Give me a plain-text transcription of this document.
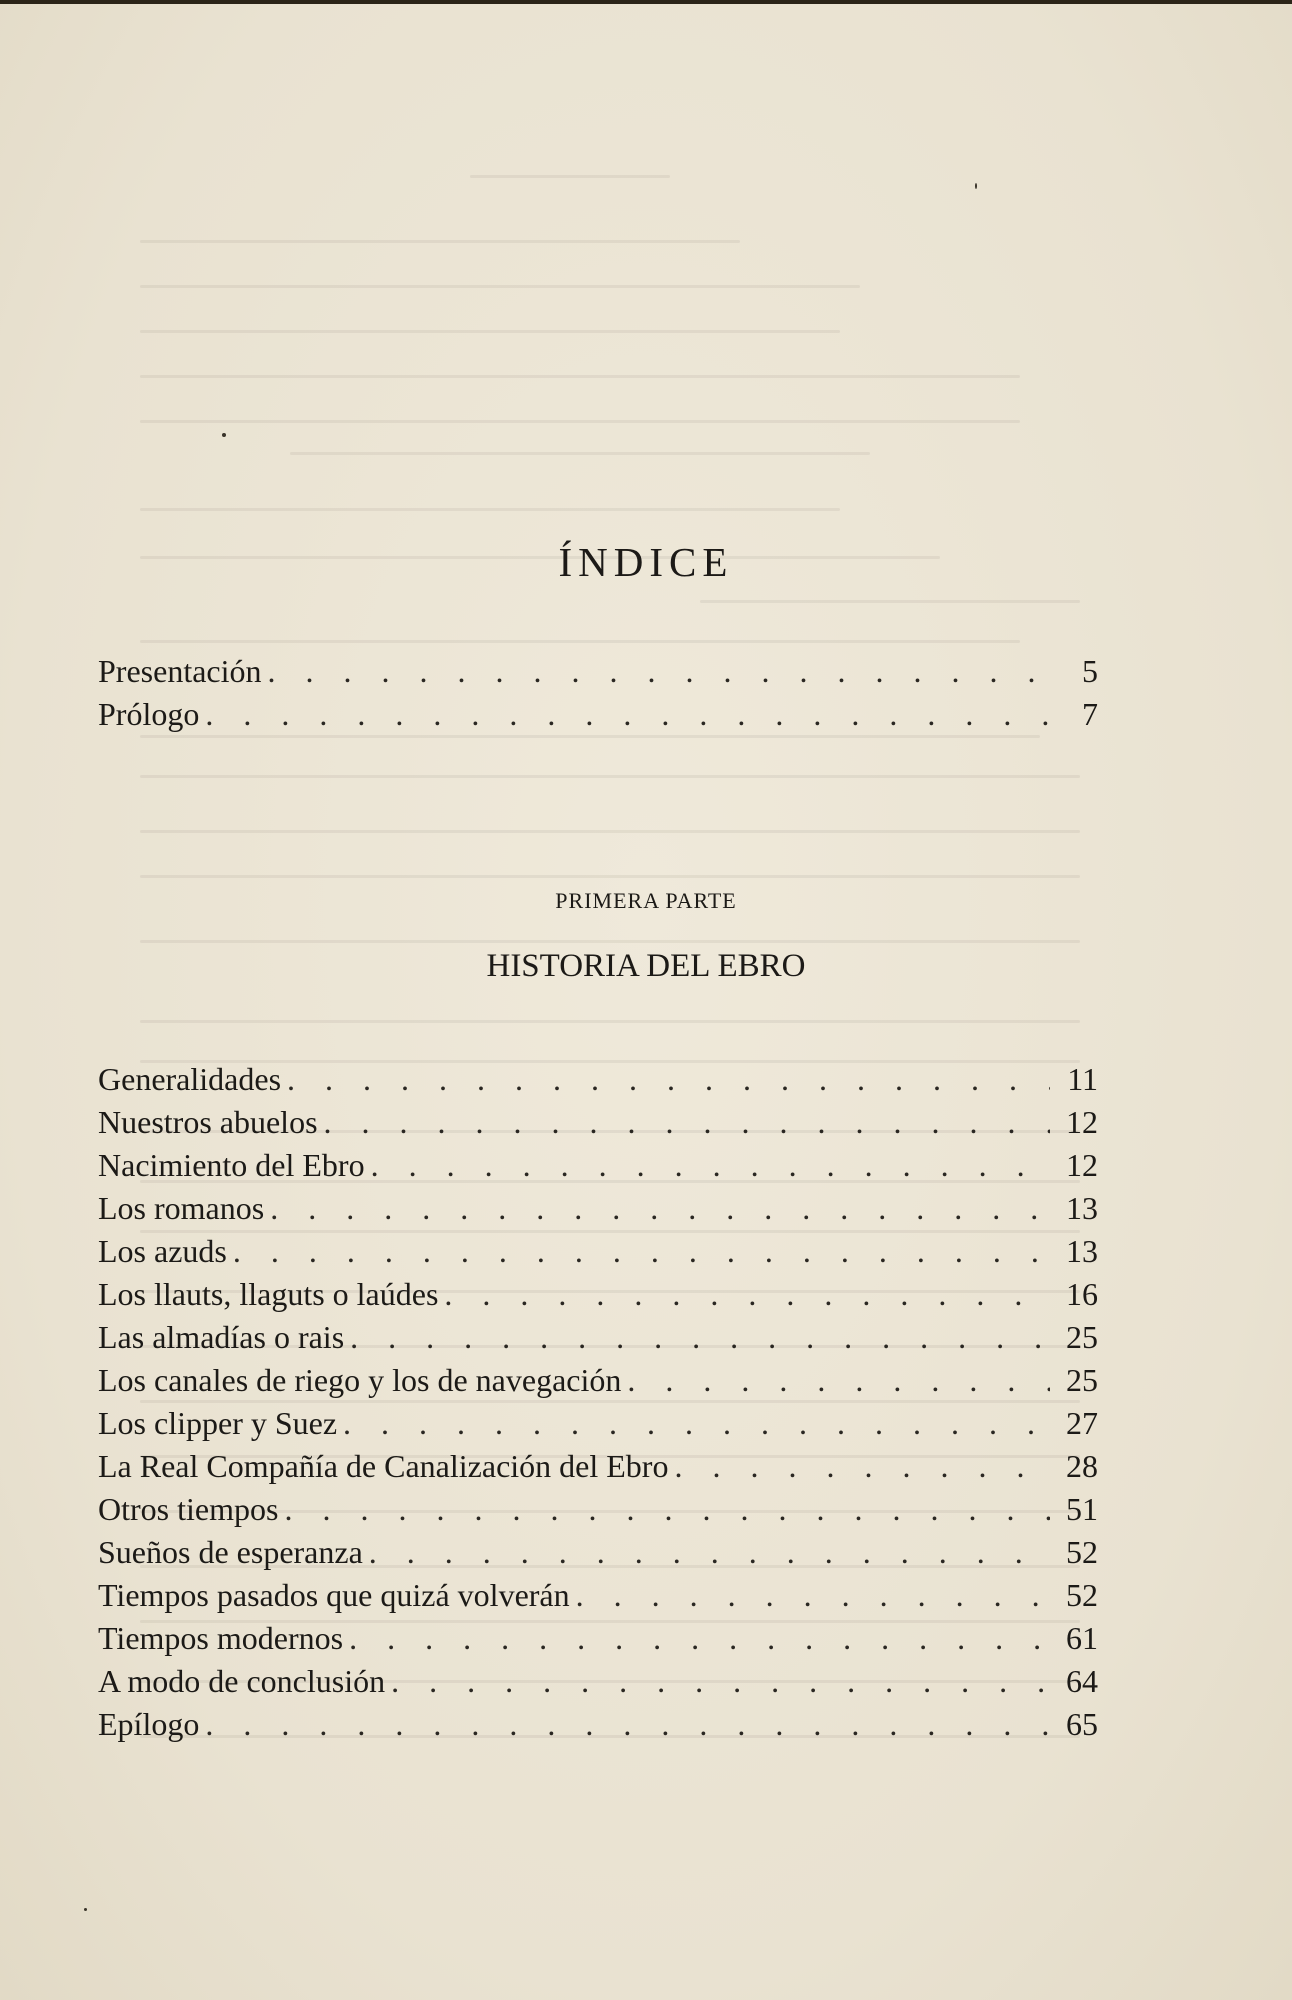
ÍNDICE
Presentación . . .	5
Prólogo . . .	7

PRIMERA PARTE

HISTORIA DEL EBRO
Generalidades . . .	11
Nuestros abuelos . . .	12
Nacimiento del Ebro . . .	12
Los romanos . . .	13
Los azuds . . .	13
Los llauts, llaguts o laúdes . . .	16
Las almadías o rais . . .	25
Los canales de riego y los de navegación . . .	25
Los clipper y Suez . . .	27
La Real Compañía de Canalización del Ebro . . .	28
Otros tiempos . . .	51
Sueños de esperanza . . .	52
Tiempos pasados que quizá volverán . . .	52
Tiempos modernos . . .	61
A modo de conclusión . . .	64
Epílogo . . .	65
